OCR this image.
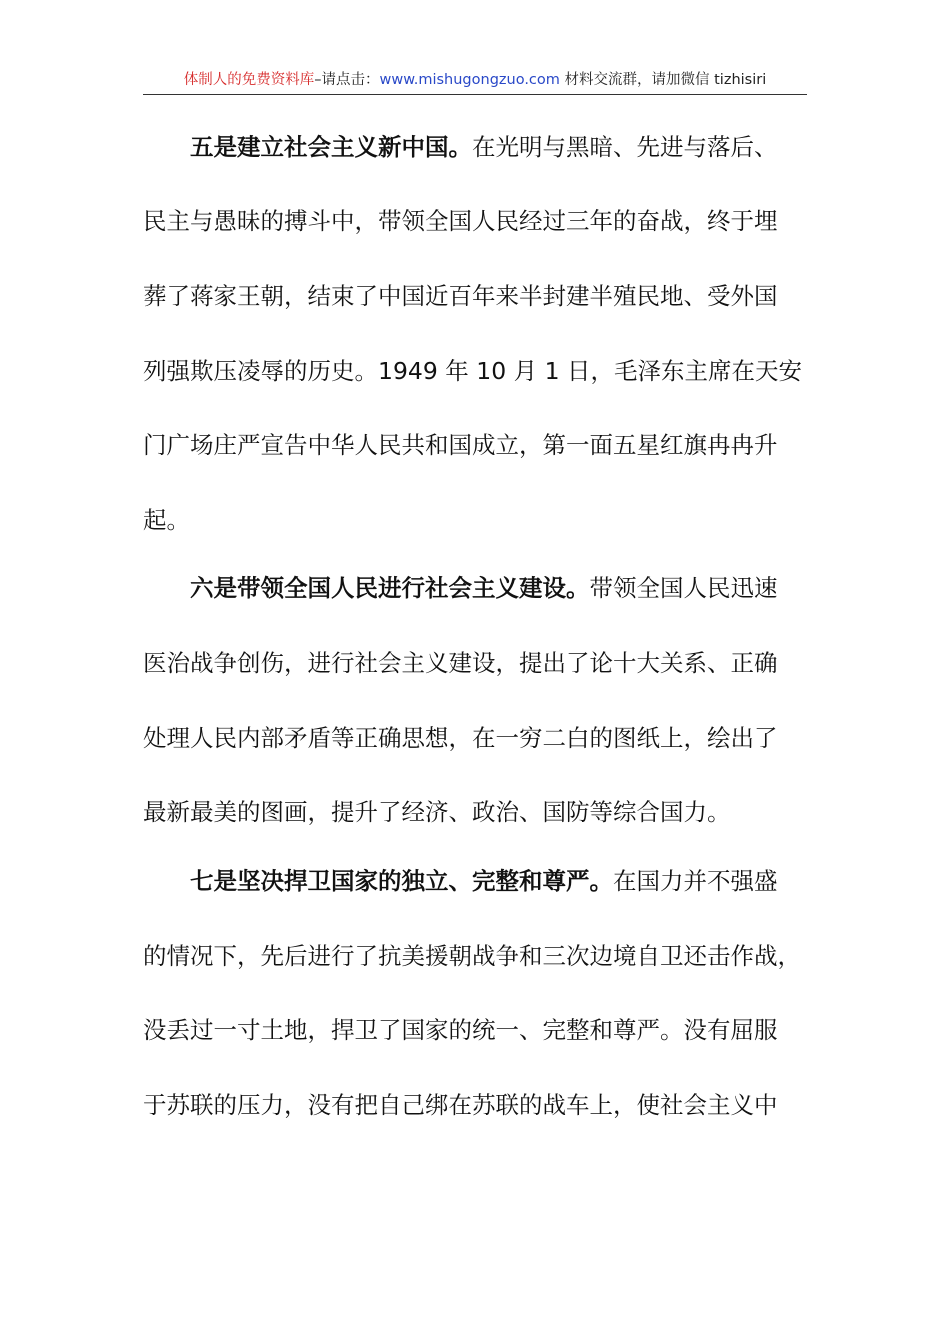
体制人的免费资料库–请点击：www.mishugongzuo.com 材料交流群，请加微信 tizhisiri
五是建立社会主义新中国。在光明与黑暗、先进与落后、
民主与愚昧的搏斗中，带领全国人民经过三年的奋战，终于埋
葬了蒋家王朝，结束了中国近百年来半封建半殖民地、受外国
列强欺压凌辱的历史。1949 年 10 月 1 日，毛泽东主席在天安
门广场庄严宣告中华人民共和国成立，第一面五星红旗冉冉升
起。
六是带领全国人民进行社会主义建设。带领全国人民迅速
医治战争创伤，进行社会主义建设，提出了论十大关系、正确
处理人民内部矛盾等正确思想，在一穷二白的图纸上，绘出了
最新最美的图画，提升了经济、政治、国防等综合国力。
七是坚决捍卫国家的独立、完整和尊严。在国力并不强盛
的情况下，先后进行了抗美援朝战争和三次边境自卫还击作战，
没丢过一寸土地，捍卫了国家的统一、完整和尊严。没有屈服
于苏联的压力，没有把自己绑在苏联的战车上，使社会主义中
